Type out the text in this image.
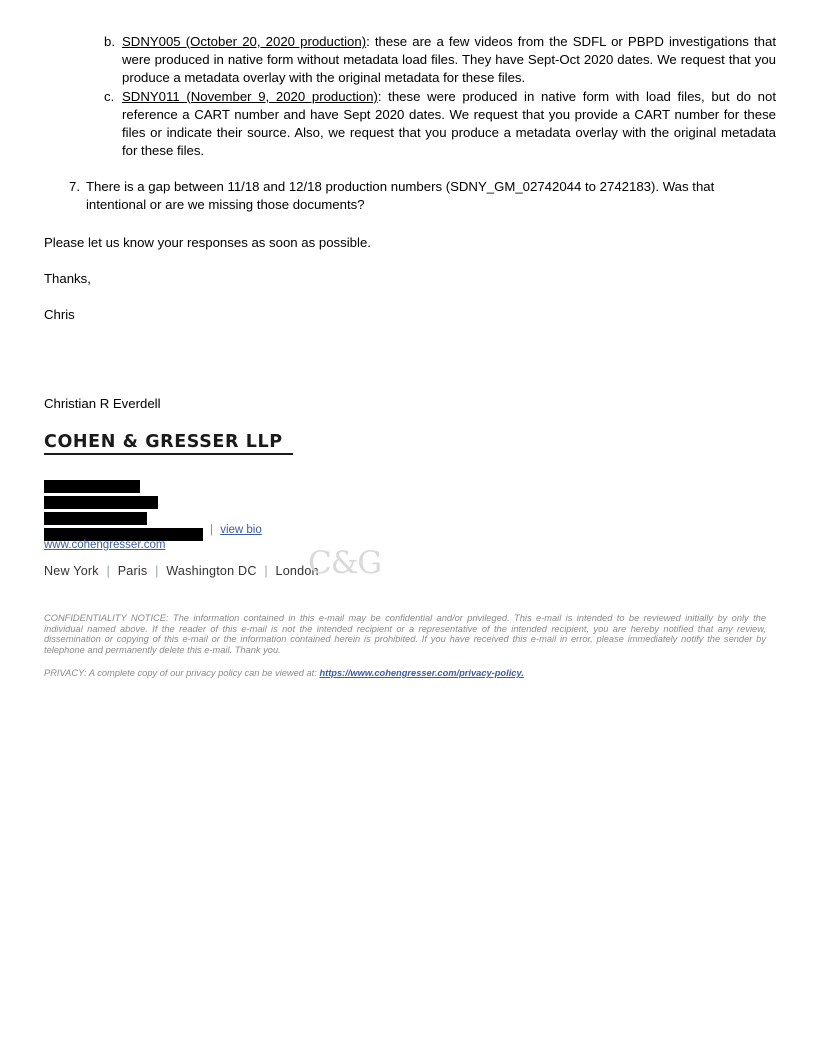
b. SDNY005 (October 20, 2020 production): these are a few videos from the SDFL or PBPD investigations that were produced in native form without metadata load files. They have Sept-Oct 2020 dates. We request that you produce a metadata overlay with the original metadata for these files.
c. SDNY011 (November 9, 2020 production): these were produced in native form with load files, but do not reference a CART number and have Sept 2020 dates. We request that you provide a CART number for these files or indicate their source. Also, we request that you produce a metadata overlay with the original metadata for these files.
7. There is a gap between 11/18 and 12/18 production numbers (SDNY_GM_02742044 to 2742183). Was that intentional or are we missing those documents?
Please let us know your responses as soon as possible.
Thanks,
Chris
Christian R Everdell
COHEN & GRESSER LLP
| view bio
www.cohengresser.com
New York | Paris | Washington DC | London
C&G
CONFIDENTIALITY NOTICE: The information contained in this e-mail may be confidential and/or privileged. This e-mail is intended to be reviewed initially by only the individual named above. If the reader of this e-mail is not the intended recipient or a representative of the intended recipient, you are hereby notified that any review, dissemination or copying of this e-mail or the information contained herein is prohibited. If you have received this e-mail in error, please immediately notify the sender by telephone and permanently delete this e-mail. Thank you.
PRIVACY: A complete copy of our privacy policy can be viewed at: https://www.cohengresser.com/privacy-policy.
